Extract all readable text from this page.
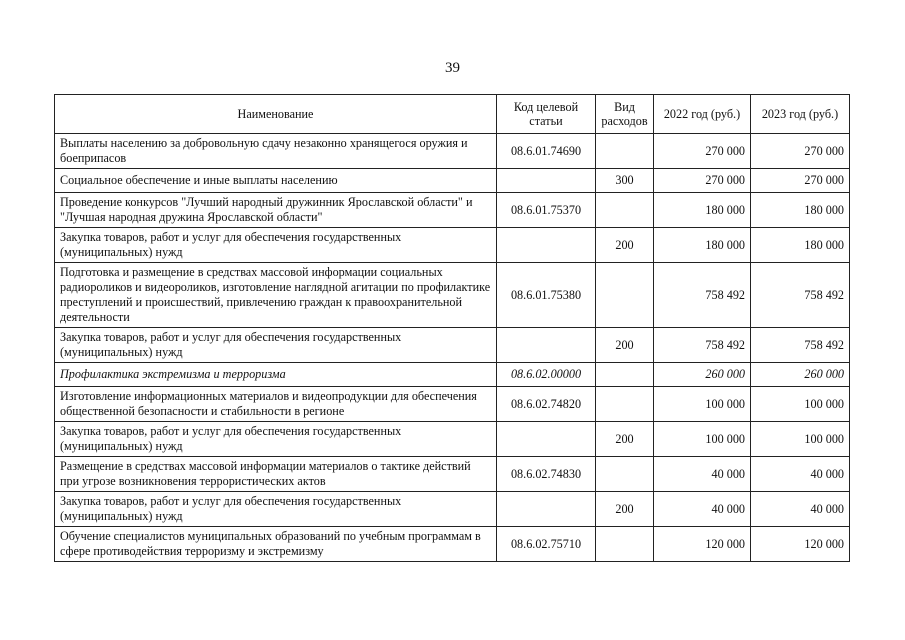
39
Наименование	Код целевой статьи	Вид расходов	2022 год (руб.)	2023 год (руб.)
Выплаты населению за добровольную сдачу незаконно хранящегося оружия и боеприпасов	08.6.01.74690		270 000	270 000
Социальное обеспечение и иные выплаты населению		300	270 000	270 000
Проведение конкурсов "Лучший народный дружинник Ярославской области" и "Лучшая народная дружина Ярославской области"	08.6.01.75370		180 000	180 000
Закупка товаров, работ и услуг для обеспечения государственных (муниципальных) нужд		200	180 000	180 000
Подготовка и размещение в средствах массовой информации социальных радиороликов и видеороликов, изготовление наглядной агитации по профилактике преступлений и происшествий, привлечению граждан к правоохранительной деятельности	08.6.01.75380		758 492	758 492
Закупка товаров, работ и услуг для обеспечения государственных (муниципальных) нужд		200	758 492	758 492
Профилактика экстремизма и терроризма	08.6.02.00000		260 000	260 000
Изготовление информационных материалов и видеопродукции для обеспечения общественной безопасности и стабильности в регионе	08.6.02.74820		100 000	100 000
Закупка товаров, работ и услуг для обеспечения государственных (муниципальных) нужд		200	100 000	100 000
Размещение в средствах массовой информации материалов о тактике действий при угрозе возникновения террористических актов	08.6.02.74830		40 000	40 000
Закупка товаров, работ и услуг для обеспечения государственных (муниципальных) нужд		200	40 000	40 000
Обучение специалистов муниципальных образований по учебным программам в сфере противодействия терроризму и экстремизму	08.6.02.75710		120 000	120 000
